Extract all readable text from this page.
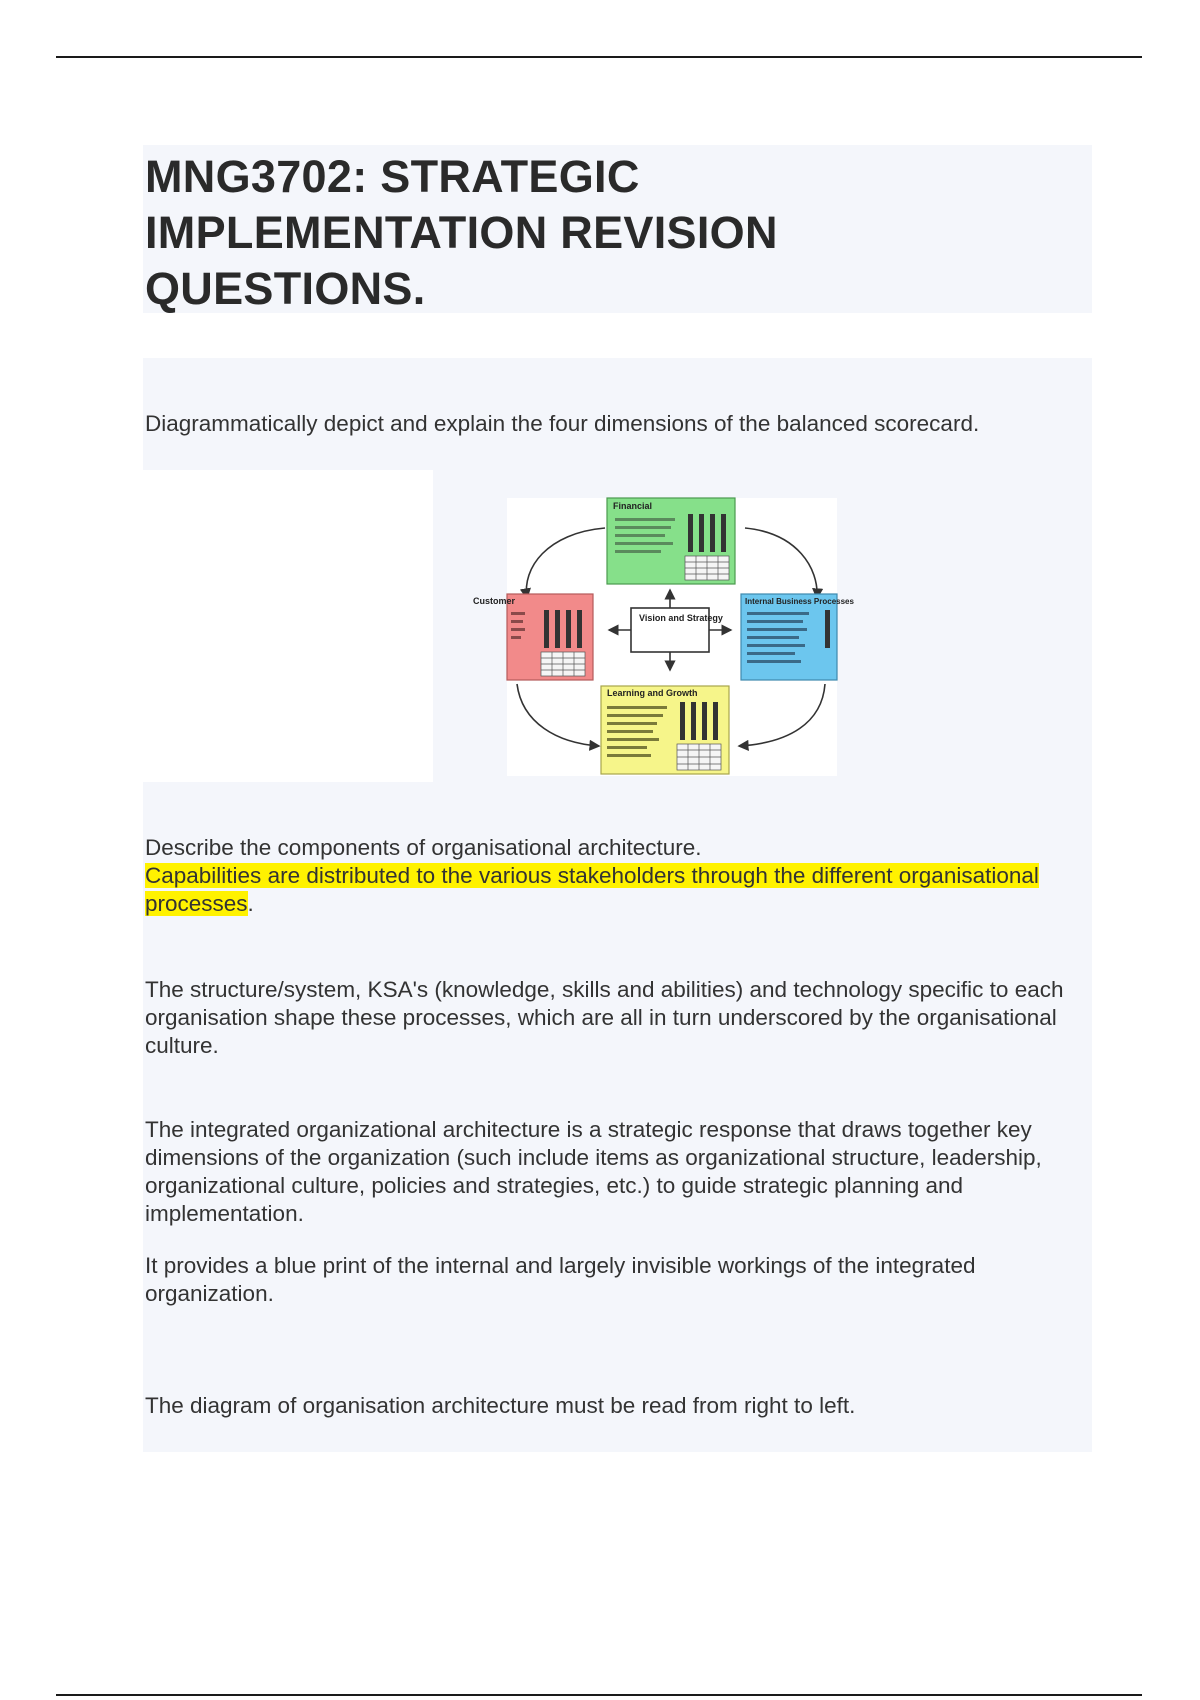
MNG3702: STRATEGIC IMPLEMENTATION REVISION QUESTIONS.

Diagrammatically depict and explain the four dimensions of the balanced scorecard.

Vision and Strategy
Financial
Customer	Internal Business Processes
Learning and Growth

Describe the components of organisational architecture.

Capabilities are distributed to the various stakeholders through the different organisational processes.

The structure/system, KSA's (knowledge, skills and abilities) and technology specific to each organisation shape these processes, which are all in turn underscored by the organisational culture.

The integrated organizational architecture is a strategic response that draws together key dimensions of the organization (such include items as organizational structure, leadership, organizational culture, policies and strategies, etc.) to guide strategic planning and implementation.

It provides a blue print of the internal and largely invisible workings of the integrated organization.

The diagram of organisation architecture must be read from right to left.
